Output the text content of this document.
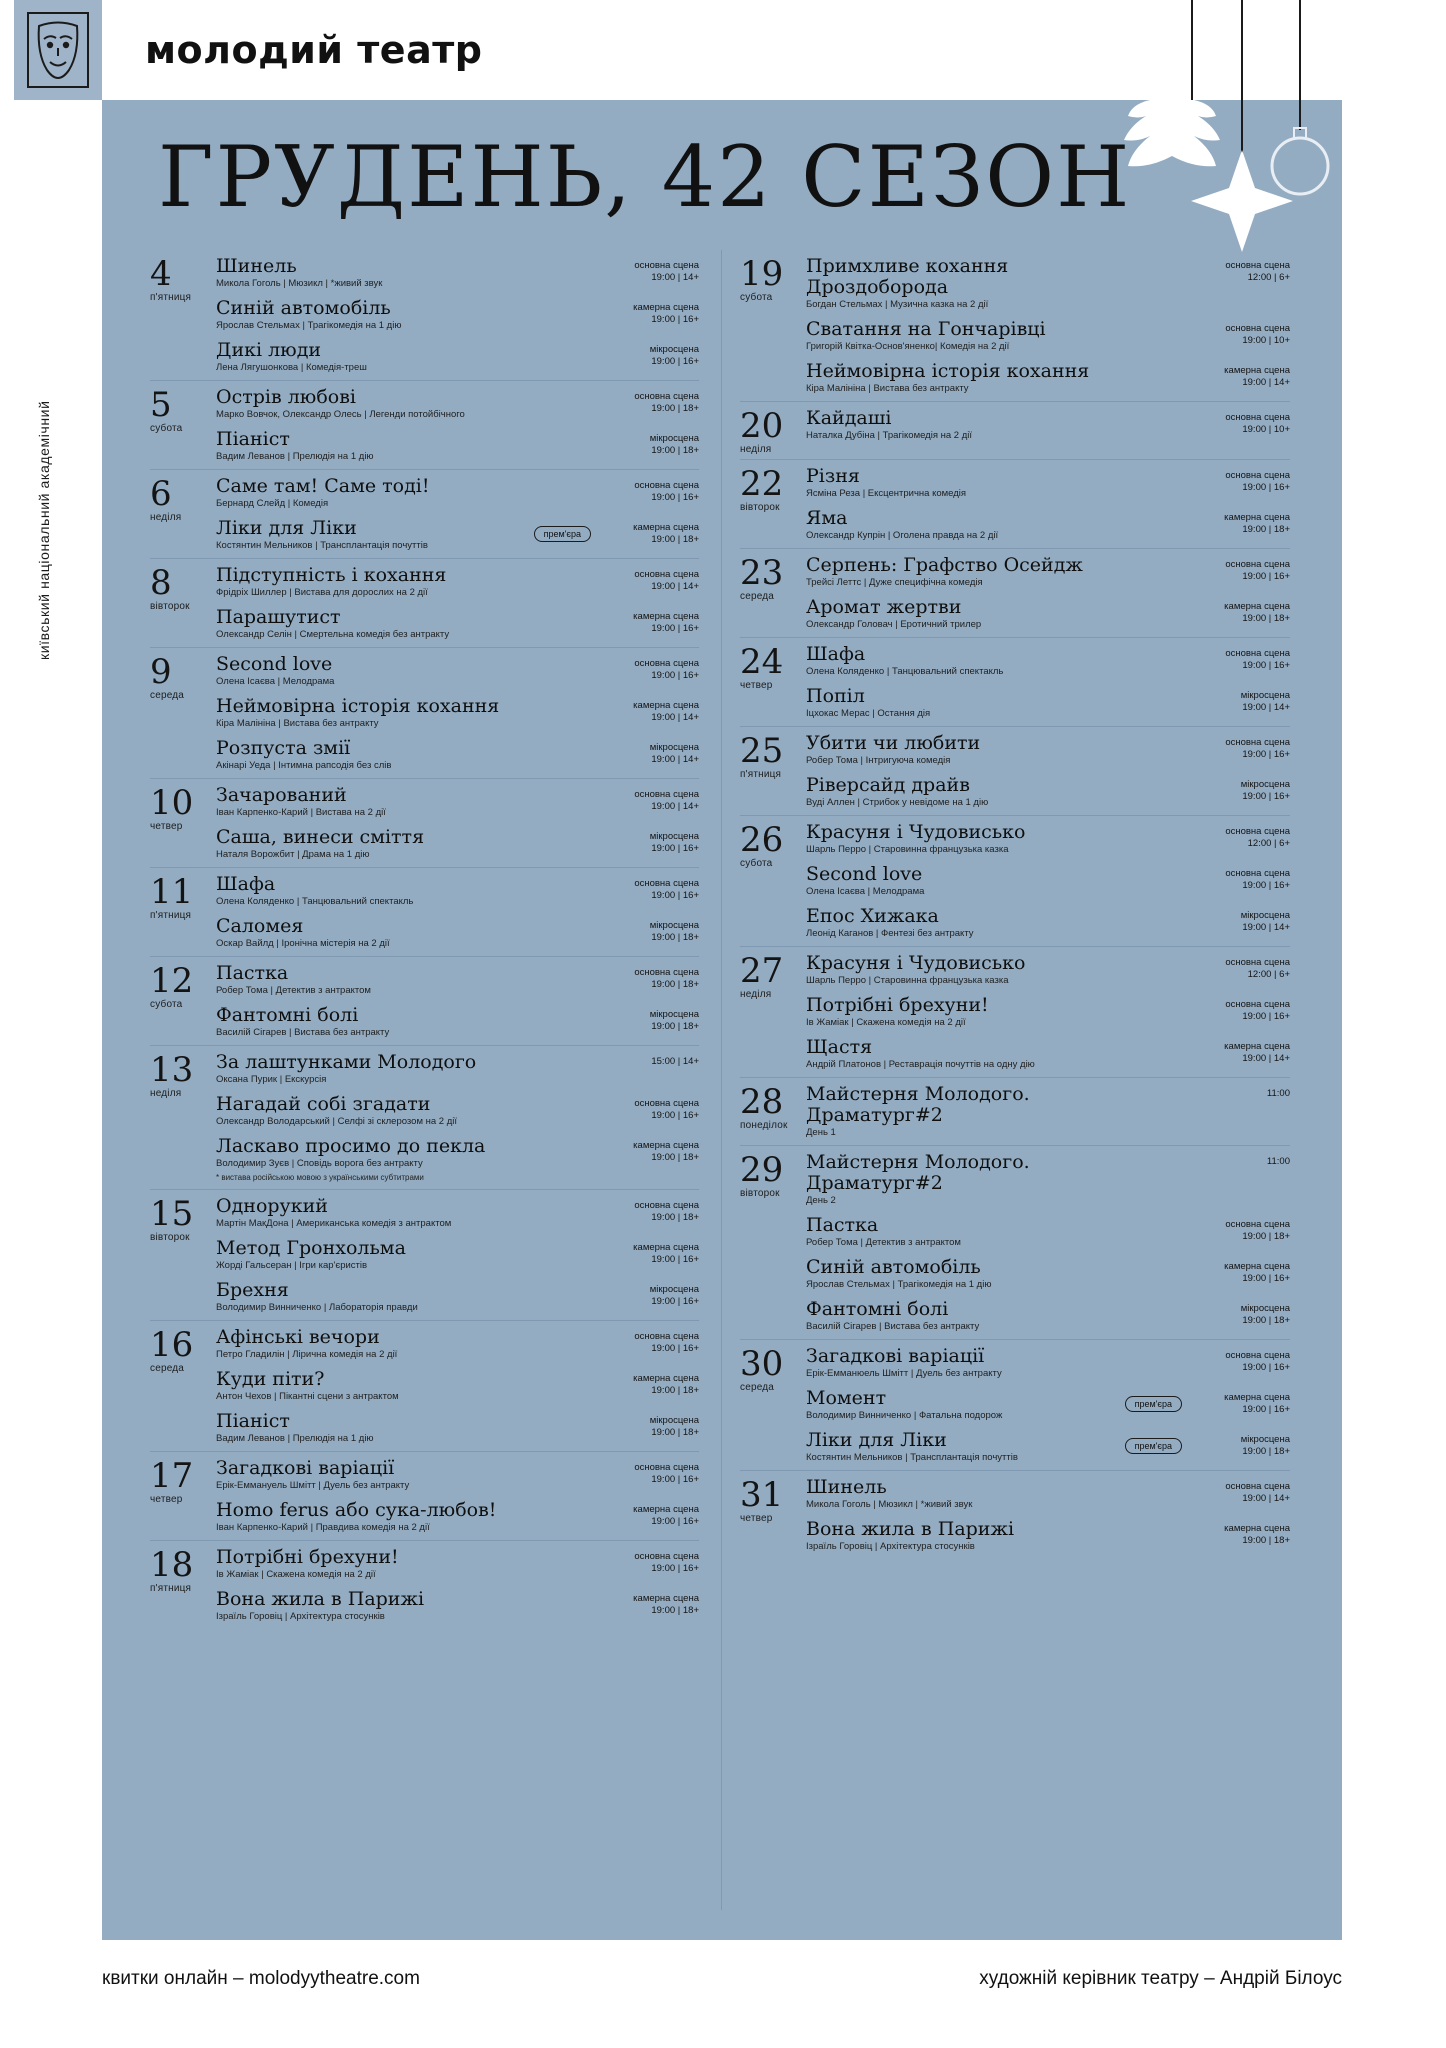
молодий театр
київський національний академічний
ГРУДЕНЬ, 42 СЕЗОН
4
п'ятниця
Шинель
Микола Гоголь | Мюзикл | *живий звук
основна сцена
19:00 | 14+
Синій автомобіль
Ярослав Стельмах | Трагікомедія на 1 дію
камерна сцена
19:00 | 16+
Дикі люди
Лена Лягушонкова | Комедія-треш
мікросцена
19:00 | 16+
5
субота
Острів любові
Марко Вовчок, Олександр Олесь | Легенди потойбічного
основна сцена
19:00 | 18+
Піаніст
Вадим Леванов | Прелюдія на 1 дію
мікросцена
19:00 | 18+
6
неділя
Саме там! Саме тоді!
Бернард Слейд | Комедія
основна сцена
19:00 | 16+
Ліки для Ліки
Костянтин Мельников | Трансплантація почуттів
прем'єра
камерна сцена
19:00 | 18+
8
вівторок
Підступність і кохання
Фрідріх Шиллер | Вистава для дорослих на 2 дії
основна сцена
19:00 | 14+
Парашутист
Олександр Селін | Смертельна комедія без антракту
камерна сцена
19:00 | 16+
9
середа
Second love
Олена Ісаєва | Мелодрама
основна сцена
19:00 | 16+
Неймовірна історія кохання
Кіра Малініна | Вистава без антракту
камерна сцена
19:00 | 14+
Розпуста змії
Акінарі Уеда | Інтимна рапсодія без слів
мікросцена
19:00 | 14+
10
четвер
Зачарований
Іван Карпенко-Карий | Вистава на 2 дії
основна сцена
19:00 | 14+
Саша, винеси сміття
Наталя Ворожбит | Драма на 1 дію
мікросцена
19:00 | 16+
11
п'ятниця
Шафа
Олена Коляденко | Танцювальний спектакль
основна сцена
19:00 | 16+
Саломея
Оскар Вайлд | Іронічна містерія на 2 дії
мікросцена
19:00 | 18+
12
субота
Пастка
Робер Тома | Детектив з антрактом
основна сцена
19:00 | 18+
Фантомні болі
Василій Сігарев | Вистава без антракту
мікросцена
19:00 | 18+
13
неділя
За лаштунками Молодого
Оксана Пурик | Екскурсія
15:00 | 14+
Нагадай собі згадати
Олександр Володарський | Селфі зі склерозом на 2 дії
основна сцена
19:00 | 16+
Ласкаво просимо до пекла
Володимир Зуєв | Сповідь ворога без антракту
* вистава російською мовою з українськими субтитрами
камерна сцена
19:00 | 18+
15
вівторок
Однорукий
Мартін МакДона | Американська комедія з антрактом
основна сцена
19:00 | 18+
Метод Гронхольма
Жорді Гальсеран | Ігри кар'єристів
камерна сцена
19:00 | 16+
Брехня
Володимир Винниченко | Лабораторія правди
мікросцена
19:00 | 16+
16
середа
Афінські вечори
Петро Гладилін | Лірична комедія на 2 дії
основна сцена
19:00 | 16+
Куди піти?
Антон Чехов | Пікантні сцени з антрактом
камерна сцена
19:00 | 18+
Піаніст
Вадим Леванов | Прелюдія на 1 дію
мікросцена
19:00 | 18+
17
четвер
Загадкові варіації
Ерік-Еммануель Шмітт | Дуель без антракту
основна сцена
19:00 | 16+
Homo ferus або сука-любов!
Іван Карпенко-Карий | Правдива комедія на 2 дії
камерна сцена
19:00 | 16+
18
п'ятниця
Потрібні брехуни!
Ів Жаміак | Скажена комедія на 2 дії
основна сцена
19:00 | 16+
Вона жила в Парижі
Ізраїль Горовіц | Архітектура стосунків
камерна сцена
19:00 | 18+
19
субота
Примхливе кохання Дроздоборода
Богдан Стельмах | Музична казка на 2 дії
основна сцена
12:00 | 6+
Сватання на Гончарівці
Григорій Квітка-Основ'яненко| Комедія на 2 дії
основна сцена
19:00 | 10+
Неймовірна історія кохання
Кіра Малініна | Вистава без антракту
камерна сцена
19:00 | 14+
20
неділя
Кайдаші
Наталка Дубіна | Трагікомедія на 2 дії
основна сцена
19:00 | 10+
22
вівторок
Різня
Ясміна Реза | Ексцентрична комедія
основна сцена
19:00 | 16+
Яма
Олександр Купрін | Оголена правда на 2 дії
камерна сцена
19:00 | 18+
23
середа
Серпень: Графство Осейдж
Трейсі Леттс | Дуже специфічна комедія
основна сцена
19:00 | 16+
Аромат жертви
Олександр Головач | Еротичний трилер
камерна сцена
19:00 | 18+
24
четвер
Шафа
Олена Коляденко | Танцювальний спектакль
основна сцена
19:00 | 16+
Попіл
Іцхокас Мерас | Остання дія
мікросцена
19:00 | 14+
25
п'ятниця
Убити чи любити
Робер Тома | Інтригуюча комедія
основна сцена
19:00 | 16+
Ріверсайд драйв
Вуді Аллен | Стрибок у невідоме на 1 дію
мікросцена
19:00 | 16+
26
субота
Красуня і Чудовисько
Шарль Перро | Старовинна французька казка
основна сцена
12:00 | 6+
Second love
Олена Ісаєва | Мелодрама
основна сцена
19:00 | 16+
Епос Хижака
Леонід Каганов | Фентезі без антракту
мікросцена
19:00 | 14+
27
неділя
Красуня і Чудовисько
Шарль Перро | Старовинна французька казка
основна сцена
12:00 | 6+
Потрібні брехуни!
Ів Жаміак | Скажена комедія на 2 дії
основна сцена
19:00 | 16+
Щастя
Андрій Платонов | Реставрація почуттів на одну дію
камерна сцена
19:00 | 14+
28
понеділок
Майстерня Молодого. Драматург#2
День 1
11:00
29
вівторок
Майстерня Молодого. Драматург#2
День 2
11:00
Пастка
Робер Тома | Детектив з антрактом
основна сцена
19:00 | 18+
Синій автомобіль
Ярослав Стельмах | Трагікомедія на 1 дію
камерна сцена
19:00 | 16+
Фантомні болі
Василій Сігарев | Вистава без антракту
мікросцена
19:00 | 18+
30
середа
Загадкові варіації
Ерік-Емманюель Шмітт | Дуель без антракту
основна сцена
19:00 | 16+
Момент
Володимир Винниченко | Фатальна подорож
прем'єра
камерна сцена
19:00 | 16+
Ліки для Ліки
Костянтин Мельников | Трансплантація почуттів
прем'єра
мікросцена
19:00 | 18+
31
четвер
Шинель
Микола Гоголь | Мюзикл | *живий звук
основна сцена
19:00 | 14+
Вона жила в Парижі
Ізраїль Горовіц | Архітектура стосунків
камерна сцена
19:00 | 18+
квитки онлайн – molodyytheatre.com	художній керівник театру – Андрій Білоус
